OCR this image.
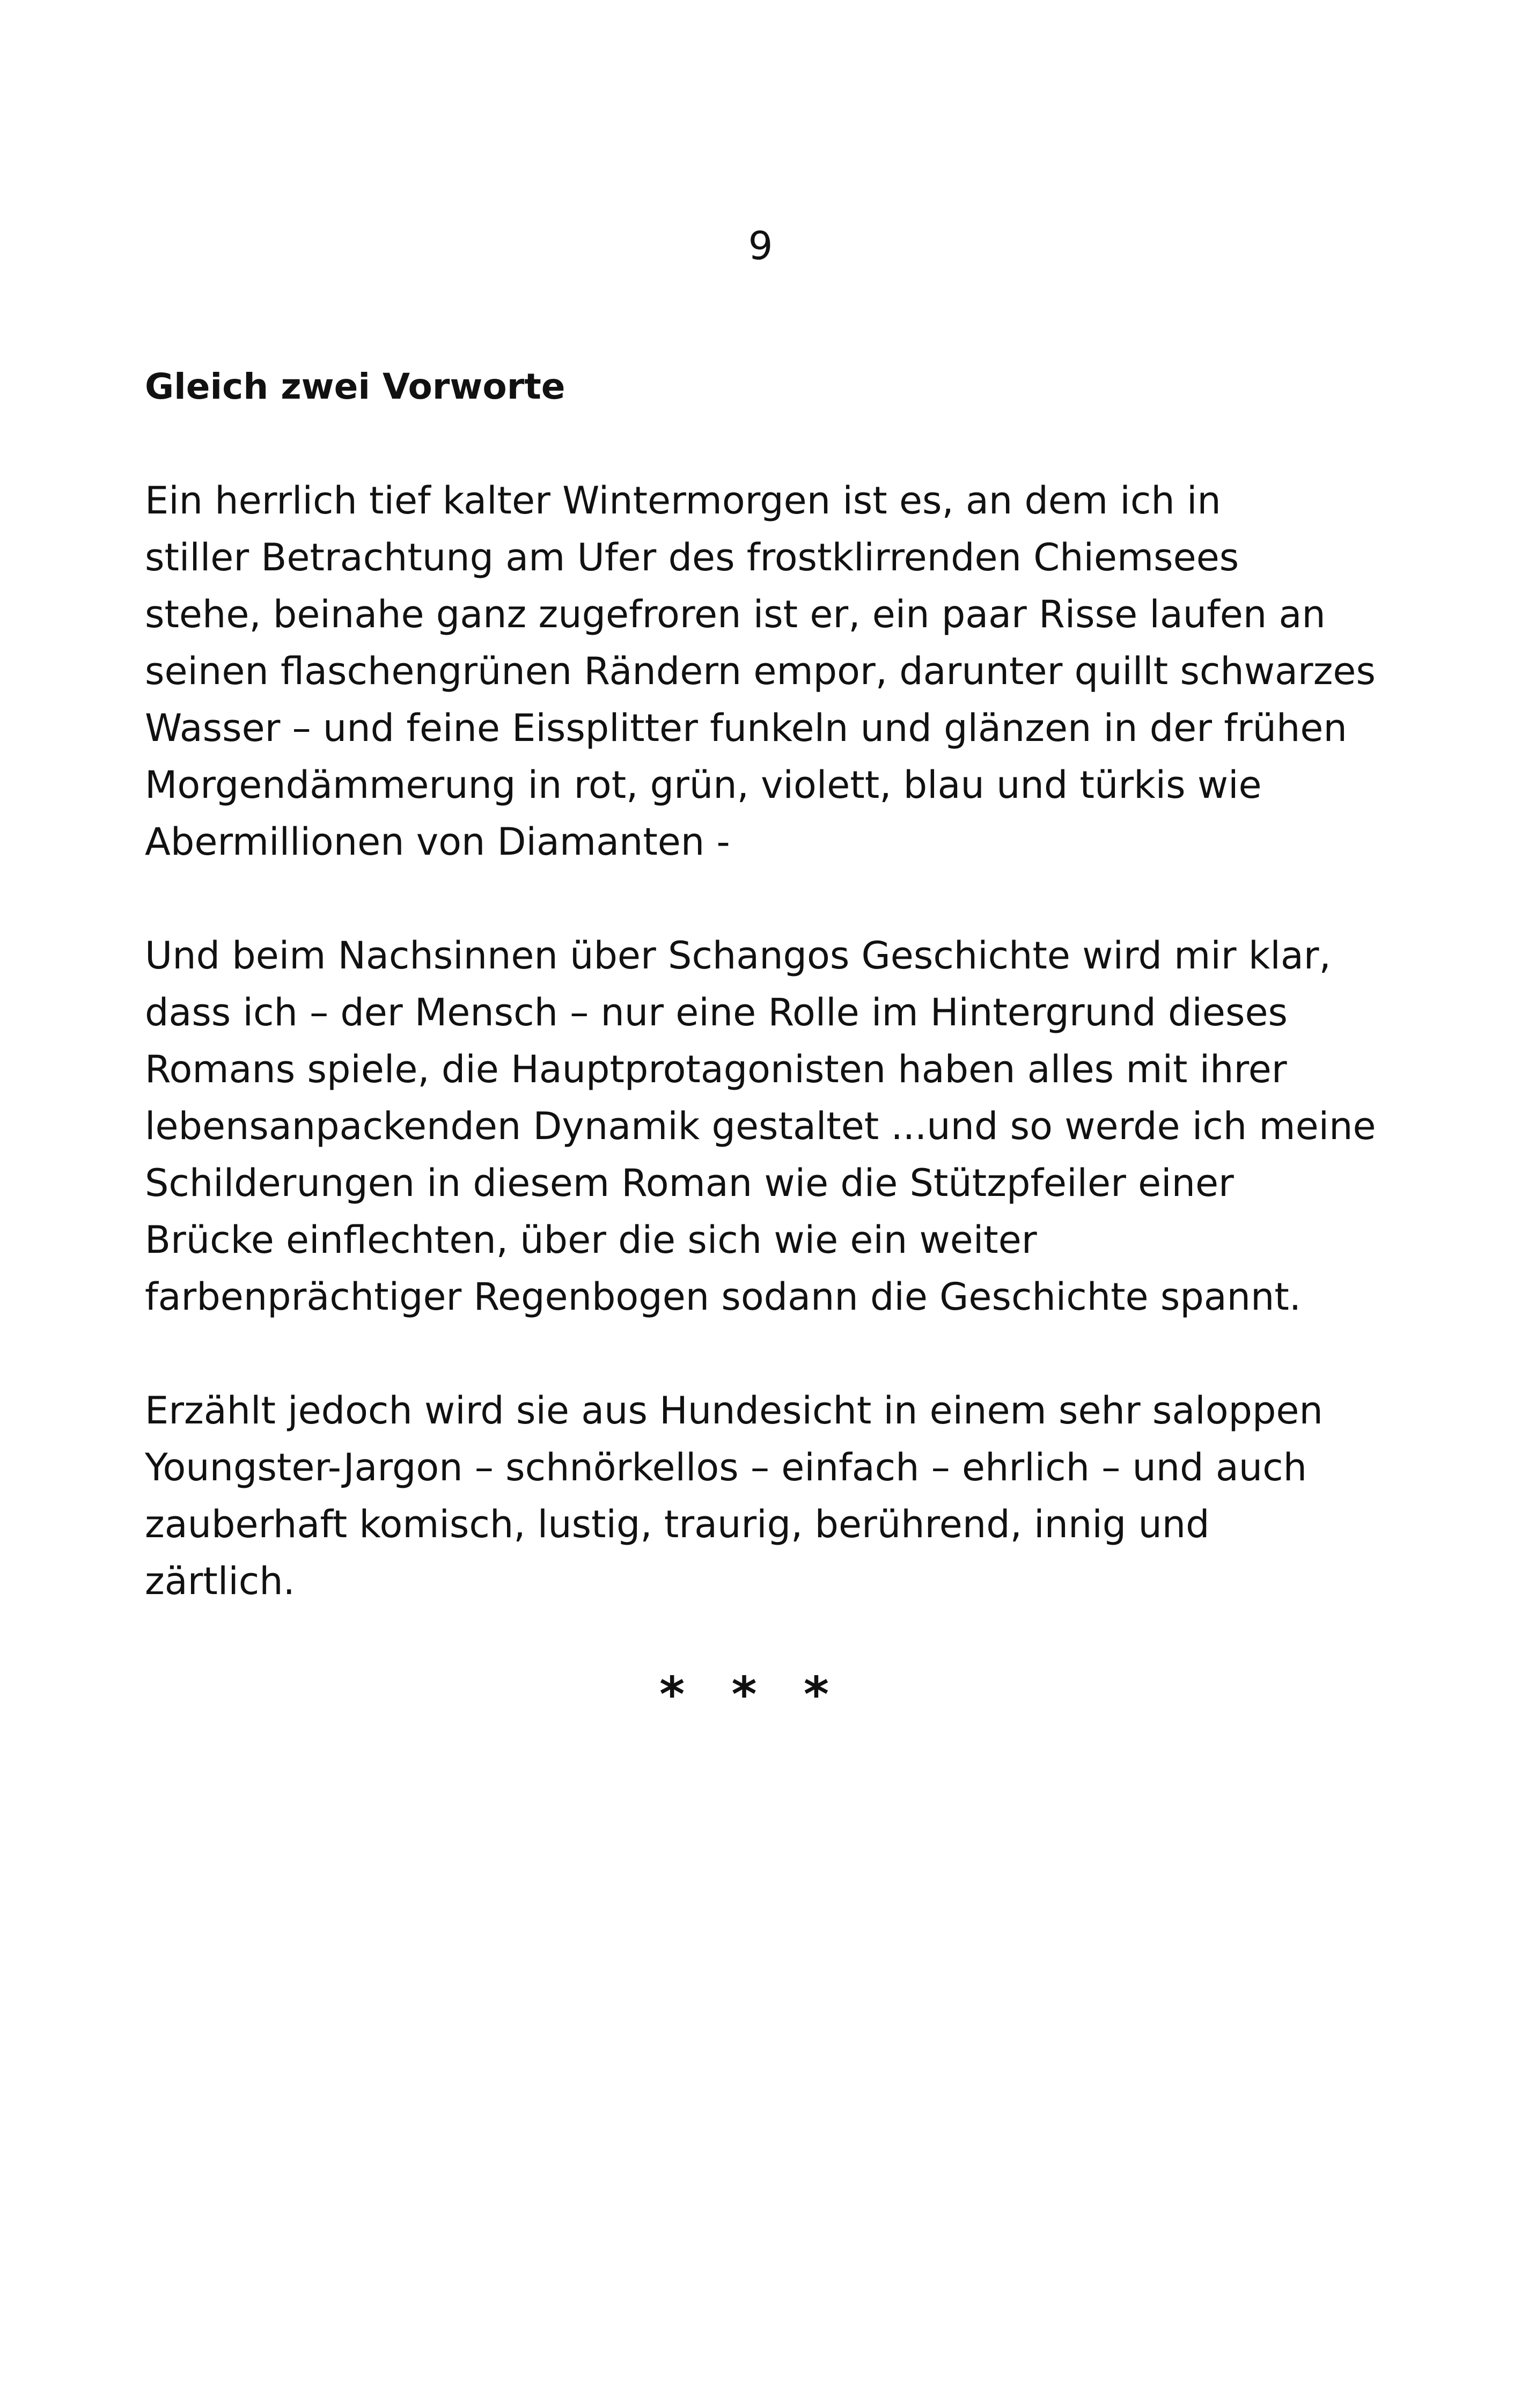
9
Gleich zwei Vorworte

Ein herrlich tief kalter Wintermorgen ist es, an dem ich in
stiller Betrachtung am Ufer des frostklirrenden Chiemsees
stehe, beinahe ganz zugefroren ist er, ein paar Risse laufen an
seinen flaschengrünen Rändern empor, darunter quillt schwarzes
Wasser – und feine Eissplitter funkeln und glänzen in der frühen
Morgendämmerung in rot, grün, violett, blau und türkis wie
Abermillionen von Diamanten -

Und beim Nachsinnen über Schangos Geschichte wird mir klar,
dass ich – der Mensch – nur eine Rolle im Hintergrund dieses
Romans spiele, die Hauptprotagonisten haben alles mit ihrer
lebensanpackenden Dynamik gestaltet ...und so werde ich meine
Schilderungen in diesem Roman wie die Stützpfeiler einer
Brücke einflechten, über die sich wie ein weiter
farbenprächtiger Regenbogen sodann die Geschichte spannt.

Erzählt jedoch wird sie aus Hundesicht in einem sehr saloppen
Youngster-Jargon – schnörkellos – einfach – ehrlich – und auch
zauberhaft komisch, lustig, traurig, berührend, innig und
zärtlich.

* * *
